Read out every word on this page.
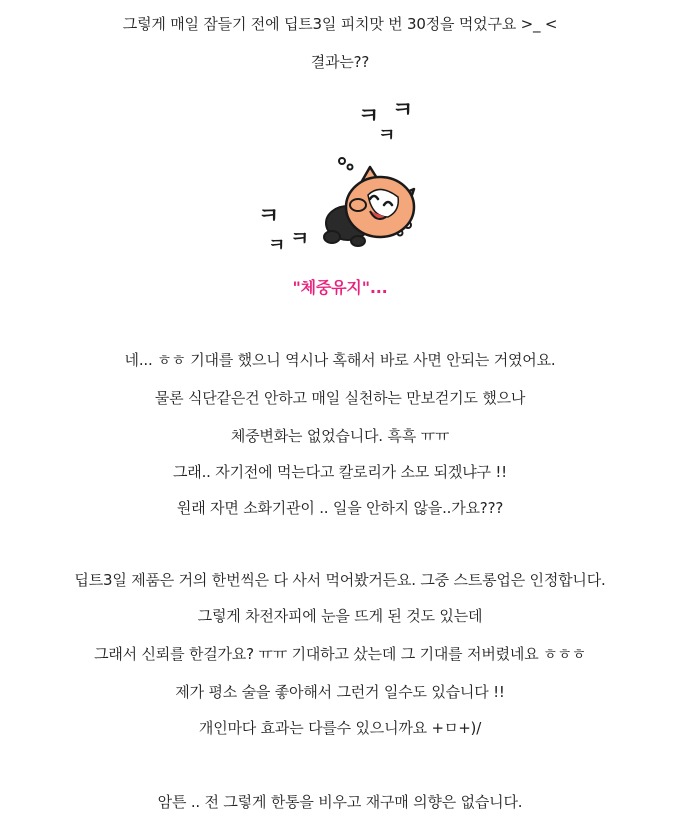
그렇게 매일 잠들기 전에 딥트3일 피치맛 번 30정을 먹었구요 >_ <
결과는??
ㅋ ㅋ
ㅋ
ㅋ
ㅋ ㅋ
"체중유지"...
네... ㅎㅎ 기대를 했으니 역시나 혹해서 바로 사면 안되는 거였어요.
물론 식단같은건 안하고 매일 실천하는 만보걷기도 했으나
체중변화는 없었습니다. 흑흑 ㅠㅠ
그래.. 자기전에 먹는다고 칼로리가 소모 되겠냐구 !!
원래 자면 소화기관이 .. 일을 안하지 않을..가요???
딥트3일 제품은 거의 한번씩은 다 사서 먹어봤거든요. 그중 스트롱업은 인정합니다.
그렇게 차전자피에 눈을 뜨게 된 것도 있는데
그래서 신뢰를 한걸가요? ㅠㅠ 기대하고 샀는데 그 기대를 저버렸네요 ㅎㅎㅎ
제가 평소 술을 좋아해서 그런거 일수도 있습니다 !!
개인마다 효과는 다를수 있으니까요 +ㅁ+)/
암튼 .. 전 그렇게 한통을 비우고 재구매 의향은 없습니다.
